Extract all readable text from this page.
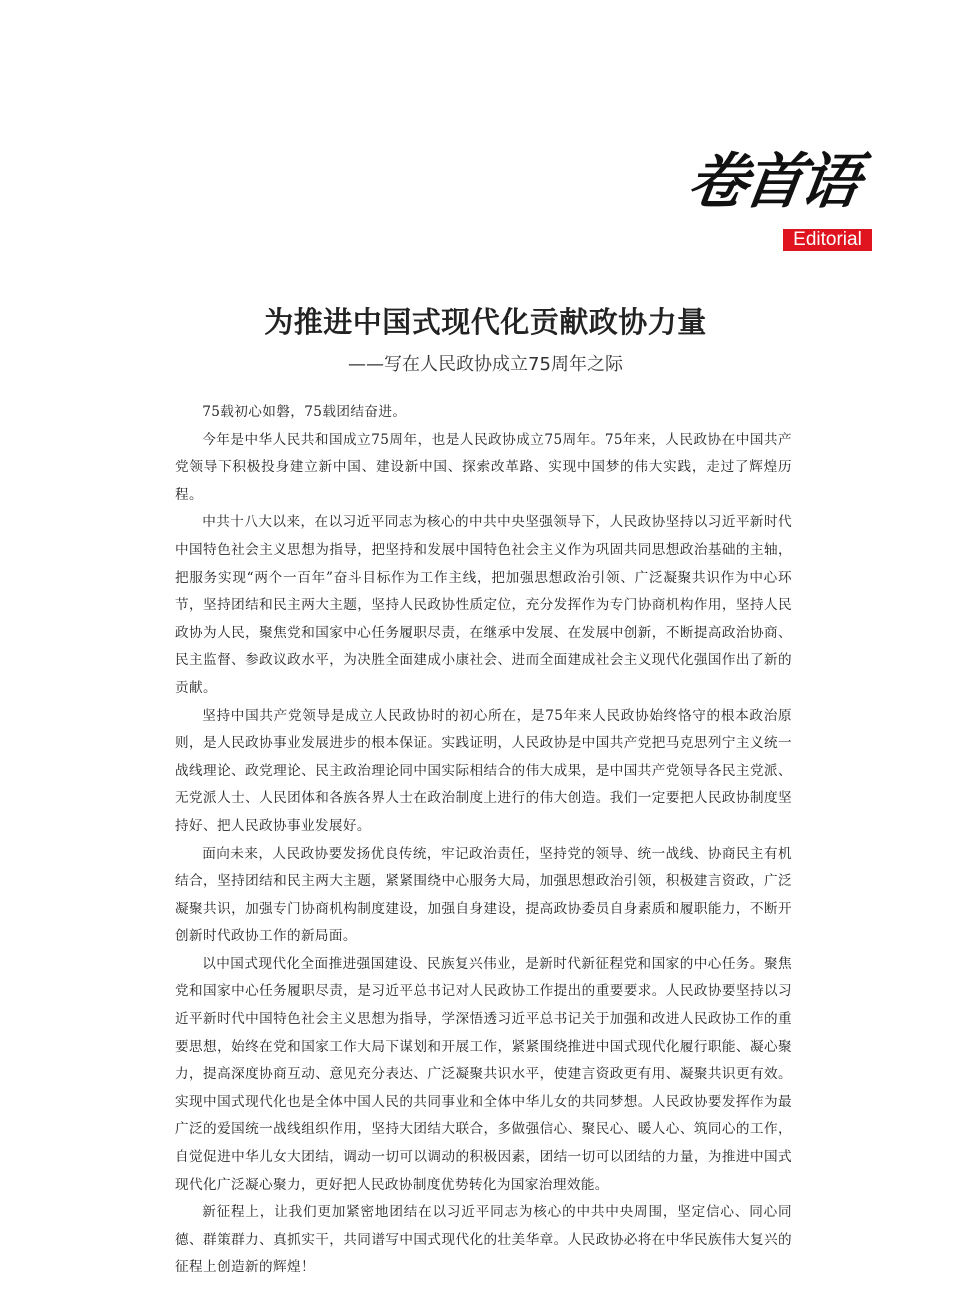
卷首语
Editorial
为推进中国式现代化贡献政协力量
——写在人民政协成立75周年之际

75载初心如磐，75载团结奋进。

今年是中华人民共和国成立75周年，也是人民政协成立75周年。75年来，人民政协在中国共产党领导下积极投身建立新中国、建设新中国、探索改革路、实现中国梦的伟大实践，走过了辉煌历程。

中共十八大以来，在以习近平同志为核心的中共中央坚强领导下，人民政协坚持以习近平新时代中国特色社会主义思想为指导，把坚持和发展中国特色社会主义作为巩固共同思想政治基础的主轴，把服务实现“两个一百年”奋斗目标作为工作主线，把加强思想政治引领、广泛凝聚共识作为中心环节，坚持团结和民主两大主题，坚持人民政协性质定位，充分发挥作为专门协商机构作用，坚持人民政协为人民，聚焦党和国家中心任务履职尽责，在继承中发展、在发展中创新，不断提高政治协商、民主监督、参政议政水平，为决胜全面建成小康社会、进而全面建成社会主义现代化强国作出了新的贡献。

坚持中国共产党领导是成立人民政协时的初心所在，是75年来人民政协始终恪守的根本政治原则，是人民政协事业发展进步的根本保证。实践证明，人民政协是中国共产党把马克思列宁主义统一战线理论、政党理论、民主政治理论同中国实际相结合的伟大成果，是中国共产党领导各民主党派、无党派人士、人民团体和各族各界人士在政治制度上进行的伟大创造。我们一定要把人民政协制度坚持好、把人民政协事业发展好。

面向未来，人民政协要发扬优良传统，牢记政治责任，坚持党的领导、统一战线、协商民主有机结合，坚持团结和民主两大主题，紧紧围绕中心服务大局，加强思想政治引领，积极建言资政，广泛凝聚共识，加强专门协商机构制度建设，加强自身建设，提高政协委员自身素质和履职能力，不断开创新时代政协工作的新局面。

以中国式现代化全面推进强国建设、民族复兴伟业，是新时代新征程党和国家的中心任务。聚焦党和国家中心任务履职尽责，是习近平总书记对人民政协工作提出的重要要求。人民政协要坚持以习近平新时代中国特色社会主义思想为指导，学深悟透习近平总书记关于加强和改进人民政协工作的重要思想，始终在党和国家工作大局下谋划和开展工作，紧紧围绕推进中国式现代化履行职能、凝心聚力，提高深度协商互动、意见充分表达、广泛凝聚共识水平，使建言资政更有用、凝聚共识更有效。实现中国式现代化也是全体中国人民的共同事业和全体中华儿女的共同梦想。人民政协要发挥作为最广泛的爱国统一战线组织作用，坚持大团结大联合，多做强信心、聚民心、暖人心、筑同心的工作，自觉促进中华儿女大团结，调动一切可以调动的积极因素，团结一切可以团结的力量，为推进中国式现代化广泛凝心聚力，更好把人民政协制度优势转化为国家治理效能。

新征程上，让我们更加紧密地团结在以习近平同志为核心的中共中央周围，坚定信心、同心同德、群策群力、真抓实干，共同谱写中国式现代化的壮美华章。人民政协必将在中华民族伟大复兴的征程上创造新的辉煌！
